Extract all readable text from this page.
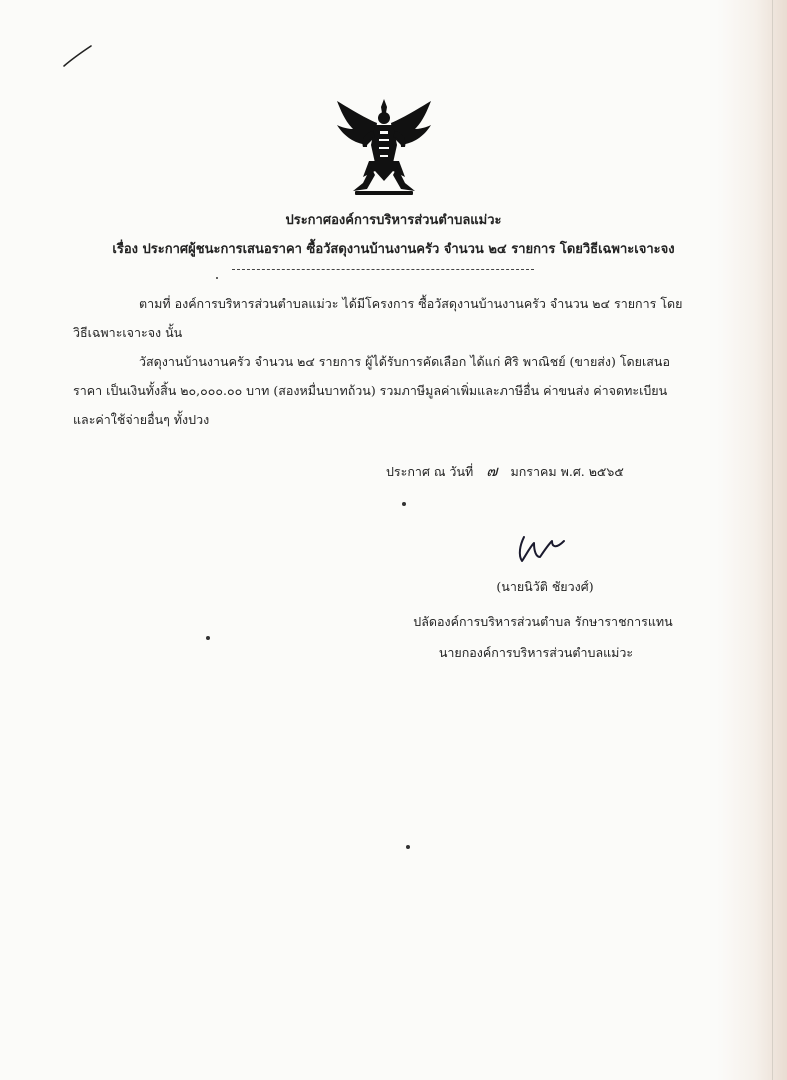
ประกาศองค์การบริหารส่วนตำบลแม่วะ
เรื่อง ประกาศผู้ชนะการเสนอราคา ซื้อวัสดุงานบ้านงานครัว จำนวน ๒๔ รายการ โดยวิธีเฉพาะเจาะจง
ตามที่ องค์การบริหารส่วนตำบลแม่วะ ได้มีโครงการ ซื้อวัสดุงานบ้านงานครัว จำนวน ๒๔ รายการ โดย
วิธีเฉพาะเจาะจง นั้น
วัสดุงานบ้านงานครัว จำนวน ๒๔ รายการ ผู้ได้รับการคัดเลือก ได้แก่ ศิริ พาณิชย์ (ขายส่ง) โดยเสนอ
ราคา เป็นเงินทั้งสิ้น ๒๐,๐๐๐.๐๐ บาท (สองหมื่นบาทถ้วน) รวมภาษีมูลค่าเพิ่มและภาษีอื่น ค่าขนส่ง ค่าจดทะเบียน
และค่าใช้จ่ายอื่นๆ ทั้งปวง
ประกาศ ณ วันที่ ๗ มกราคม พ.ศ. ๒๕๖๕
(นายนิวัติ ชัยวงศ์)
ปลัดองค์การบริหารส่วนตำบล รักษาราชการแทน
นายกองค์การบริหารส่วนตำบลแม่วะ
